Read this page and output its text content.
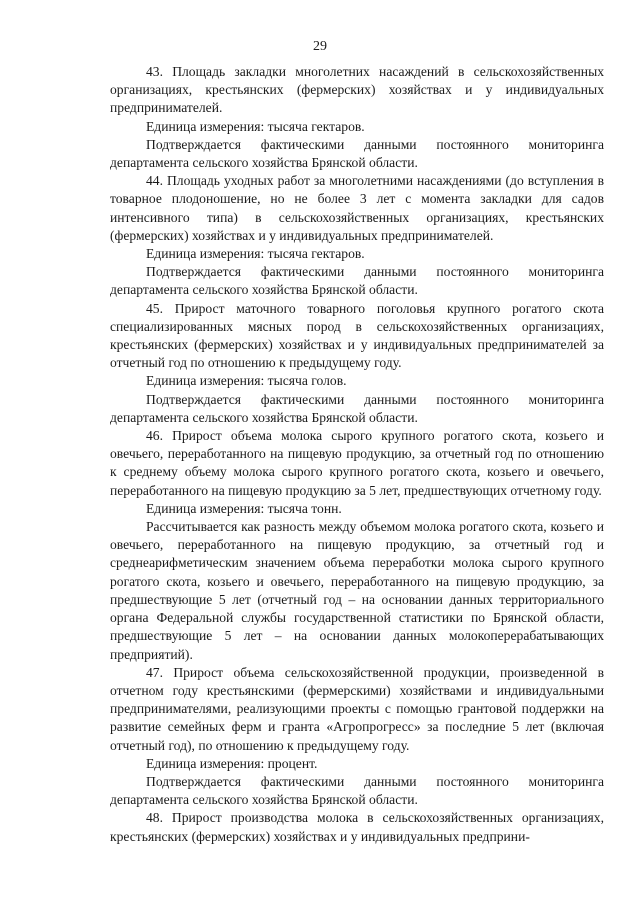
29

43. Площадь закладки многолетних насаждений в сельскохозяйственных организациях, крестьянских (фермерских) хозяйствах и у индивидуальных предпринимателей.

Единица измерения: тысяча гектаров.

Подтверждается фактическими данными постоянного мониторинга департамента сельского хозяйства Брянской области.

44. Площадь уходных работ за многолетними насаждениями (до вступления в товарное плодоношение, но не более 3 лет с момента закладки для садов интенсивного типа) в сельскохозяйственных организациях, крестьянских (фермерских) хозяйствах и у индивидуальных предпринимателей.

Единица измерения: тысяча гектаров.

Подтверждается фактическими данными постоянного мониторинга департамента сельского хозяйства Брянской области.

45. Прирост маточного товарного поголовья крупного рогатого скота специализированных мясных пород в сельскохозяйственных организациях, крестьянских (фермерских) хозяйствах и у индивидуальных предпринимателей за отчетный год по отношению к предыдущему году.

Единица измерения: тысяча голов.

Подтверждается фактическими данными постоянного мониторинга департамента сельского хозяйства Брянской области.

46. Прирост объема молока сырого крупного рогатого скота, козьего и овечьего, переработанного на пищевую продукцию, за отчетный год по отношению к среднему объему молока сырого крупного рогатого скота, козьего и овечьего, переработанного на пищевую продукцию за 5 лет, предшествующих отчетному году.

Единица измерения: тысяча тонн.

Рассчитывается как разность между объемом молока рогатого скота, козьего и овечьего, переработанного на пищевую продукцию, за отчетный год и среднеарифметическим значением объема переработки молока сырого крупного рогатого скота, козьего и овечьего, переработанного на пищевую продукцию, за предшествующие 5 лет (отчетный год – на основании данных территориального органа Федеральной службы государственной статистики по Брянской области, предшествующие 5 лет – на основании данных молокоперерабатывающих предприятий).

47. Прирост объема сельскохозяйственной продукции, произведенной в отчетном году крестьянскими (фермерскими) хозяйствами и индивидуальными предпринимателями, реализующими проекты с помощью грантовой поддержки на развитие семейных ферм и гранта «Агропрогресс» за последние 5 лет (включая отчетный год), по отношению к предыдущему году.

Единица измерения: процент.

Подтверждается фактическими данными постоянного мониторинга департамента сельского хозяйства Брянской области.

48. Прирост производства молока в сельскохозяйственных организациях, крестьянских (фермерских) хозяйствах и у индивидуальных предприни-
